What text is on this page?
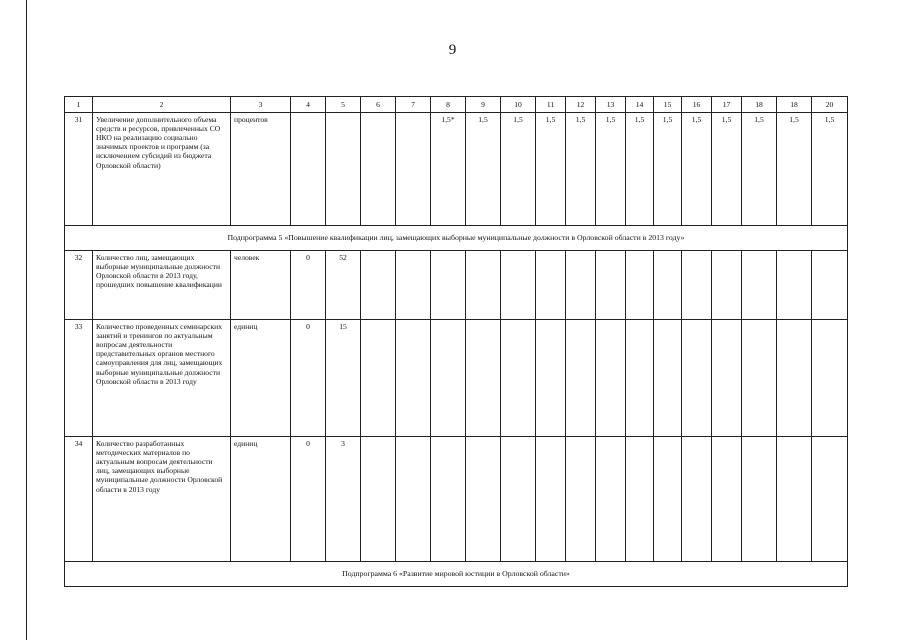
9
1	2	3	4	5	6	7	8	9	10	11	12	13	14	15	16	17	18	18	20
31	Увеличение дополнительного объема средств и ресурсов, привлеченных СО НКО на реализацию социально значимых проектов и программ (за исключением субсидий из бюджета Орловской области)	процентов					1,5*	1,5	1,5	1,5	1,5	1,5	1,5	1,5	1,5	1,5	1,5	1,5	1,5
Подпрограмма 5 «Повышение квалификации лиц, замещающих выборные муниципальные должности в Орловской области в 2013 году»																			
32	Количество лиц, замещающих выборные муниципальные должности Орловской области в 2013 году, прошедших повышение квалификации	человек	0	52															
33	Количество проведенных семинарских занятий и тренингов по актуальным вопросам деятельности представительных органов местного самоуправления для лиц, замещающих выборные муниципальные должности Орловской области в 2013 году	единиц	0	15															
34	Количество разработанных методических материалов по актуальным вопросам деятельности лиц, замещающих выборные муниципальные должности Орловской области в 2013 году	единиц	0	3															
Подпрограмма 6 «Развитие мировой юстиции в Орловской области»																			
